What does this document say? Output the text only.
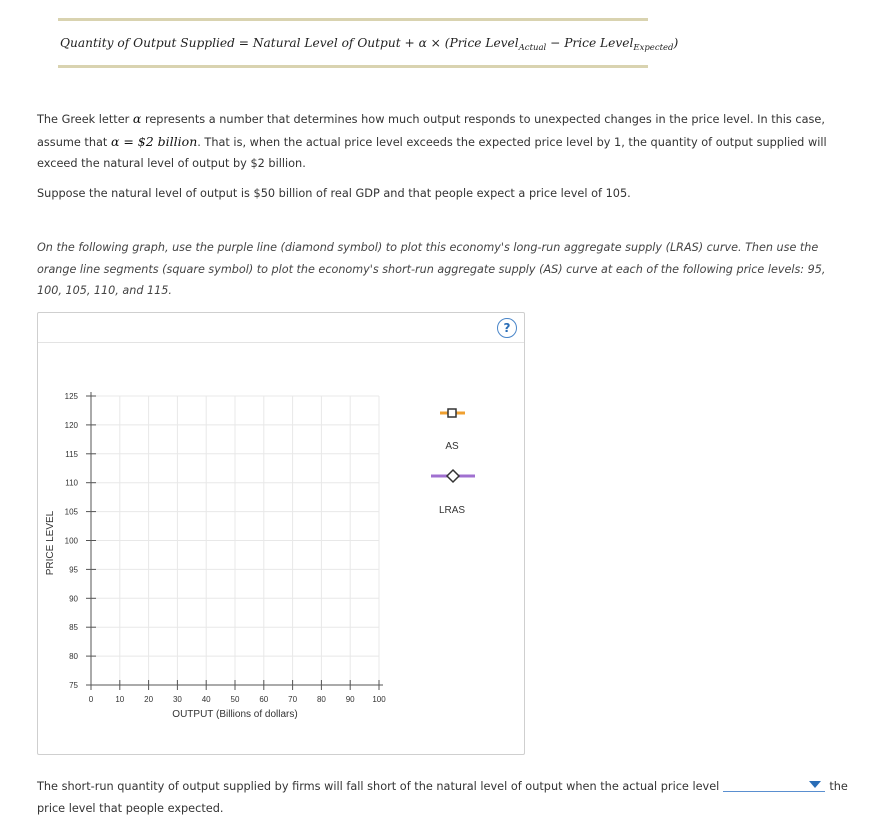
Quantity of Output Supplied = Natural Level of Output + α × (Price Level$_{Actual}$ − Price Level$_{Expected}$)
The Greek letter α represents a number that determines how much output responds to unexpected changes in the price level. In this case, assume that α = $2 billion. That is, when the actual price level exceeds the expected price level by 1, the quantity of output supplied will exceed the natural level of output by $2 billion.
Suppose the natural level of output is $50 billion of real GDP and that people expect a price level of 105.
On the following graph, use the purple line (diamond symbol) to plot this economy's long-run aggregate supply (LRAS) curve. Then use the orange line segments (square symbol) to plot the economy's short-run aggregate supply (AS) curve at each of the following price levels: 95, 100, 105, 110, and 115.
?
0	10 20 30 40 50 60 70 80 90 100
75
80
85
90
95
100
105
110
115
120
125
OUTPUT (Billions of dollars)
PRICE LEVEL
AS
LRAS
The short-run quantity of output supplied by firms will fall short of the natural level of output when the actual price level	the price level that people expected.
